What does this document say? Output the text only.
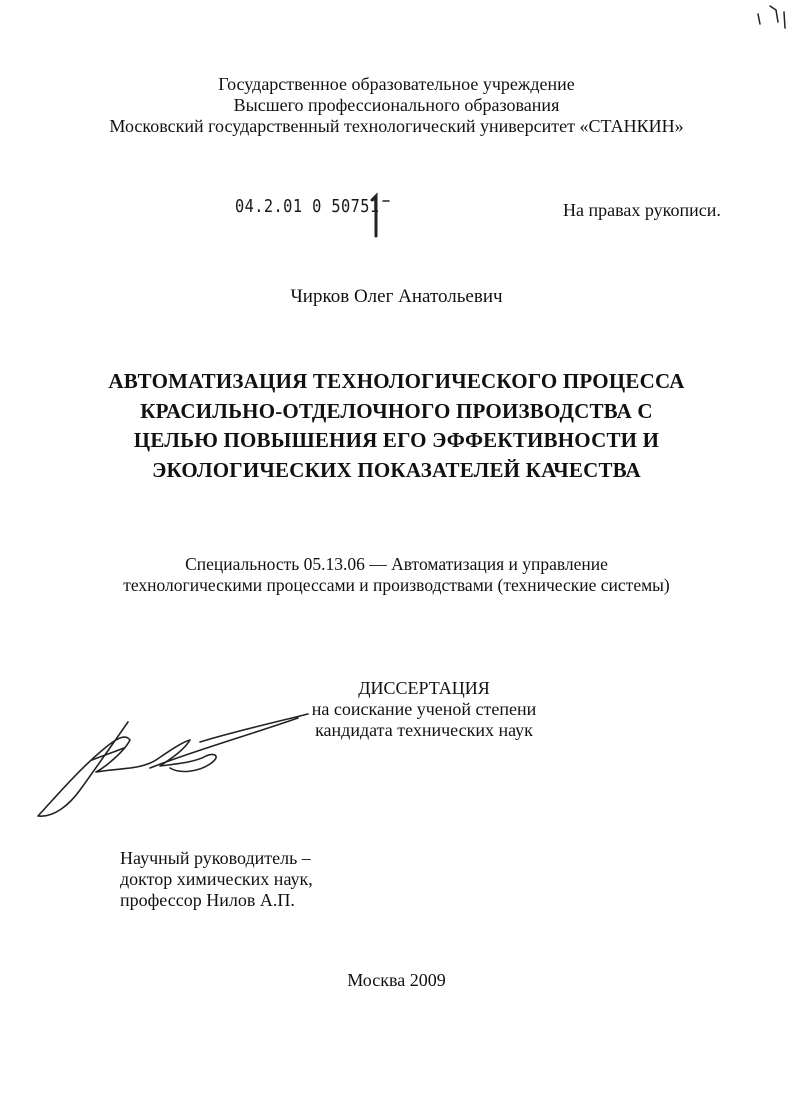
Государственное образовательное учреждение
Высшего профессионального образования
Московский государственный технологический университет «СТАНКИН»
04.2.01 0 50751	На правах рукописи.
Чирков Олег Анатольевич
АВТОМАТИЗАЦИЯ ТЕХНОЛОГИЧЕСКОГО ПРОЦЕССА
КРАСИЛЬНО-ОТДЕЛОЧНОГО ПРОИЗВОДСТВА С
ЦЕЛЬЮ ПОВЫШЕНИЯ ЕГО ЭФФЕКТИВНОСТИ И
ЭКОЛОГИЧЕСКИХ ПОКАЗАТЕЛЕЙ КАЧЕСТВА
Специальность 05.13.06 — Автоматизация и управление
технологическими процессами и производствами (технические системы)
ДИССЕРТАЦИЯ
на соискание ученой степени
кандидата технических наук
Научный руководитель –
доктор химических наук,
профессор Нилов А.П.
Москва 2009
